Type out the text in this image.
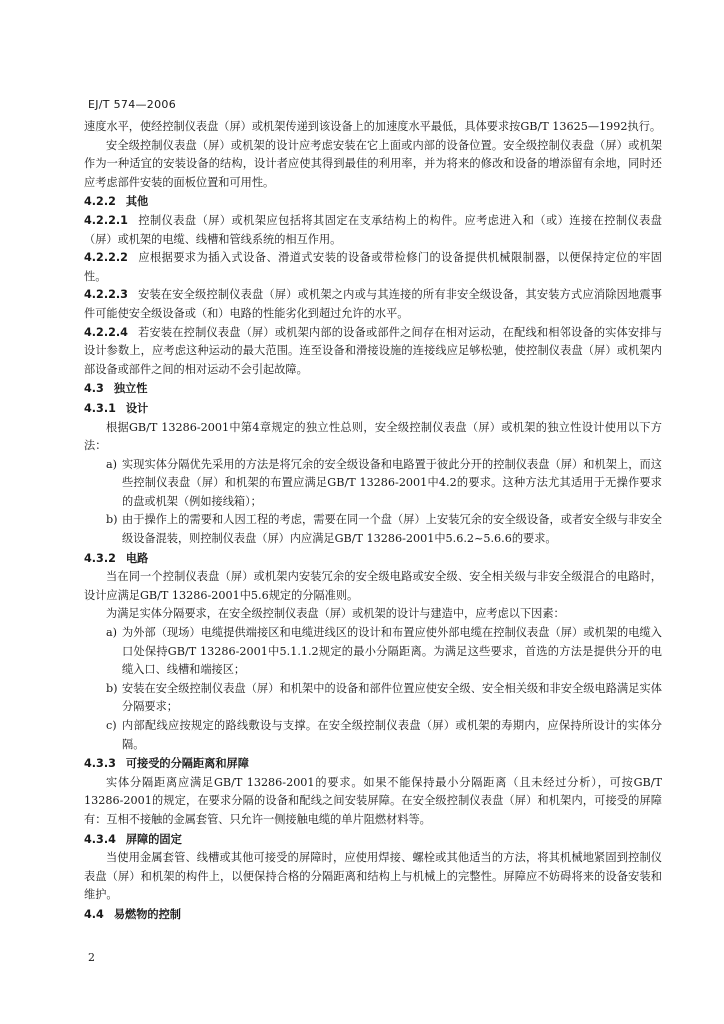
EJ/T 574—2006

速度水平，使经控制仪表盘（屏）或机架传递到该设备上的加速度水平最低，具体要求按GB/T 13625—1992执行。

安全级控制仪表盘（屏）或机架的设计应考虑安装在它上面或内部的设备位置。安全级控制仪表盘（屏）或机架作为一种适宜的安装设备的结构，设计者应使其得到最佳的利用率，并为将来的修改和设备的增添留有余地，同时还应考虑部件安装的面板位置和可用性。

4.2.2 其他

4.2.2.1 控制仪表盘（屏）或机架应包括将其固定在支承结构上的构件。应考虑进入和（或）连接在控制仪表盘（屏）或机架的电缆、线槽和管线系统的相互作用。

4.2.2.2 应根据要求为插入式设备、滑道式安装的设备或带检修门的设备提供机械限制器，以便保持定位的牢固性。

4.2.2.3 安装在安全级控制仪表盘（屏）或机架之内或与其连接的所有非安全级设备，其安装方式应消除因地震事件可能使安全级设备或（和）电路的性能劣化到超过允许的水平。

4.2.2.4 若安装在控制仪表盘（屏）或机架内部的设备或部件之间存在相对运动，在配线和相邻设备的实体安排与设计参数上，应考虑这种运动的最大范围。连至设备和滑接设施的连接线应足够松驰，使控制仪表盘（屏）或机架内部设备或部件之间的相对运动不会引起故障。

4.3 独立性

4.3.1 设计

根据GB/T 13286-2001中第4章规定的独立性总则，安全级控制仪表盘（屏）或机架的独立性设计使用以下方法：

a) 实现实体分隔优先采用的方法是将冗余的安全级设备和电路置于彼此分开的控制仪表盘（屏）和机架上，而这些控制仪表盘（屏）和机架的布置应满足GB/T 13286-2001中4.2的要求。这种方法尤其适用于无操作要求的盘或机架（例如接线箱）；
b) 由于操作上的需要和人因工程的考虑，需要在同一个盘（屏）上安装冗余的安全级设备，或者安全级与非安全级设备混装，则控制仪表盘（屏）内应满足GB/T 13286-2001中5.6.2~5.6.6的要求。

4.3.2 电路

当在同一个控制仪表盘（屏）或机架内安装冗余的安全级电路或安全级、安全相关级与非安全级混合的电路时，设计应满足GB/T 13286-2001中5.6规定的分隔准则。

为满足实体分隔要求，在安全级控制仪表盘（屏）或机架的设计与建造中，应考虑以下因素：

a) 为外部（现场）电缆提供端接区和电缆进线区的设计和布置应使外部电缆在控制仪表盘（屏）或机架的电缆入口处保持GB/T 13286-2001中5.1.1.2规定的最小分隔距离。为满足这些要求，首选的方法是提供分开的电缆入口、线槽和端接区；
b) 安装在安全级控制仪表盘（屏）和机架中的设备和部件位置应使安全级、安全相关级和非安全级电路满足实体分隔要求；
c) 内部配线应按规定的路线敷设与支撑。在安全级控制仪表盘（屏）或机架的寿期内，应保持所设计的实体分隔。

4.3.3 可接受的分隔距离和屏障

实体分隔距离应满足GB/T 13286-2001的要求。如果不能保持最小分隔距离（且未经过分析），可按GB/T 13286-2001的规定，在要求分隔的设备和配线之间安装屏障。在安全级控制仪表盘（屏）和机架内，可接受的屏障有：互相不接触的金属套管、只允许一侧接触电缆的单片阻燃材料等。

4.3.4 屏障的固定

当使用金属套管、线槽或其他可接受的屏障时，应使用焊接、螺栓或其他适当的方法，将其机械地紧固到控制仪表盘（屏）和机架的构件上，以便保持合格的分隔距离和结构上与机械上的完整性。屏障应不妨碍将来的设备安装和维护。

4.4 易燃物的控制

2
